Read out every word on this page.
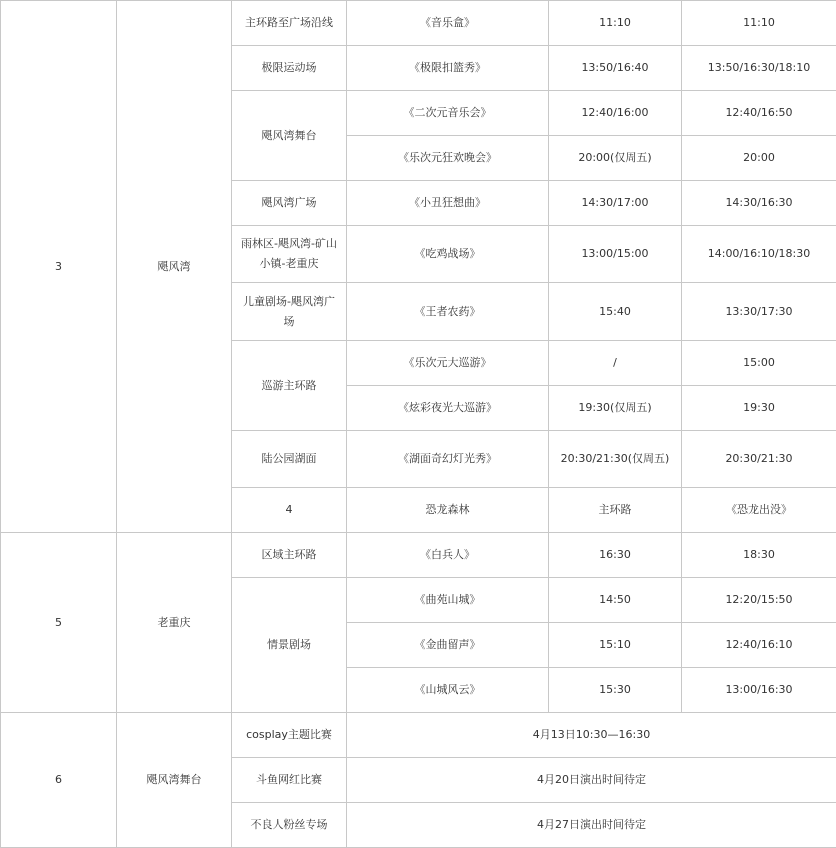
3	飓风湾	主环路至广场沿线	《音乐盒》	11:10	11:10	
		极限运动场	《极限扣篮秀》	13:50/16:40	13:50/16:30/18:10	
		飓风湾舞台	《二次元音乐会》	12:40/16:00	12:40/16:50	
			《乐次元狂欢晚会》	20:00(仅周五)	20:00	
		飓风湾广场	《小丑狂想曲》	14:30/17:00	14:30/16:30	
		雨林区-飓风湾-矿山小镇-老重庆	《吃鸡战场》	13:00/15:00	14:00/16:10/18:30	
		儿童剧场-飓风湾广场	《王者农药》	15:40	13:30/17:30	
		巡游主环路	《乐次元大巡游》	/	15:00	
			《炫彩夜光大巡游》	19:30(仅周五)	19:30	
		陆公园湖面	《湖面奇幻灯光秀》	20:30/21:30(仅周五)	20:30/21:30	
		4	恐龙森林	主环路	《恐龙出没》		
5	老重庆	区域主环路	《白兵人》	16:30	18:30	
		情景剧场	《曲苑山城》	14:50	12:20/15:50	
			《金曲留声》	15:10	12:40/16:10	
			《山城风云》	15:30	13:00/16:30	
6	飓风湾舞台	cosplay主题比赛	4月13日10:30—16:30			
		斗鱼网红比赛	4月20日演出时间待定			
		不良人粉丝专场	4月27日演出时间待定			
